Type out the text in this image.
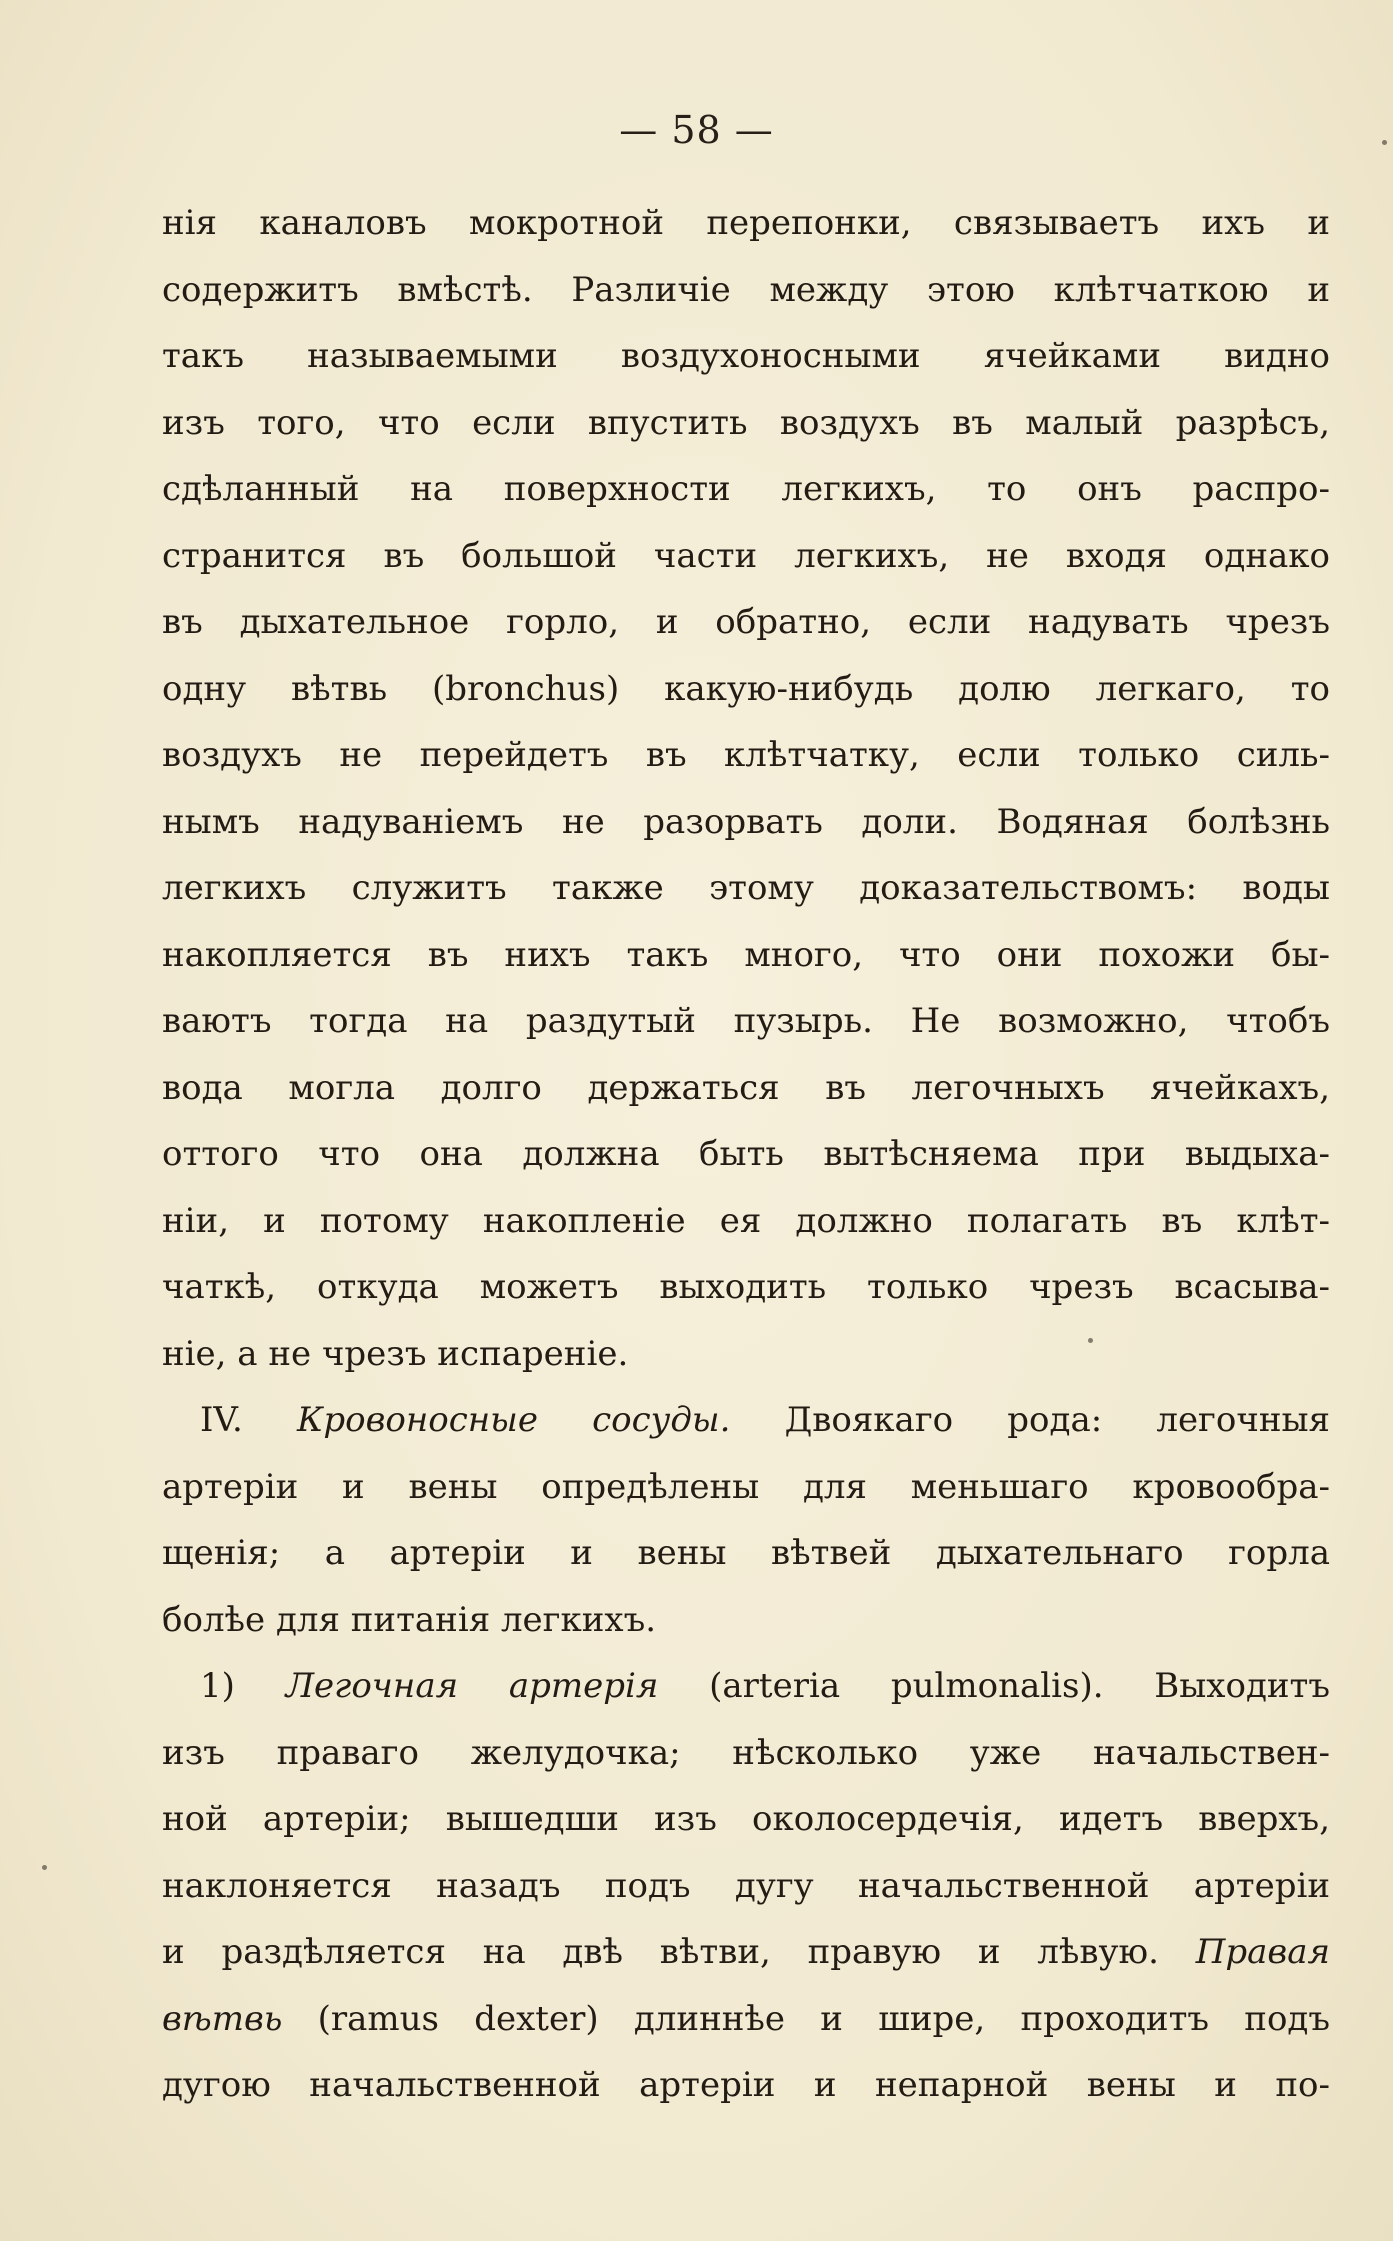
— 58 —
нія каналовъ мокротной перепонки, связываетъ ихъ и
содержитъ вмѣстѣ. Различіе между этою клѣтчаткою и
такъ называемыми воздухоносными ячейками видно
изъ того, что если впустить воздухъ въ малый разрѣсъ,
сдѣланный на поверхности легкихъ, то онъ распро-
странится въ большой части легкихъ, не входя однако
въ дыхательное горло, и обратно, если надувать чрезъ
одну вѣтвь (bronchus) какую-нибудь долю легкаго, то
воздухъ не перейдетъ въ клѣтчатку, если только силь-
нымъ надуваніемъ не разорвать доли. Водяная болѣзнь
легкихъ служитъ также этому доказательствомъ: воды
накопляется въ нихъ такъ много, что они похожи бы-
ваютъ тогда на раздутый пузырь. Не возможно, чтобъ
вода могла долго держаться въ легочныхъ ячейкахъ,
оттого что она должна быть вытѣсняема при выдыха-
ніи, и потому накопленіе ея должно полагать въ клѣт-
чаткѣ, откуда можетъ выходить только чрезъ всасыва-
ніе, а не чрезъ испареніе.
IV. Кровоносные сосуды. Двоякаго рода: легочныя
артеріи и вены опредѣлены для меньшаго кровообра-
щенія; а артеріи и вены вѣтвей дыхательнаго горла
болѣе для питанія легкихъ.
1) Легочная артерія (arteria pulmonalis). Выходитъ
изъ праваго желудочка; нѣсколько уже начальствен-
ной артеріи; вышедши изъ околосердечія, идетъ вверхъ,
наклоняется назадъ подъ дугу начальственной артеріи
и раздѣляется на двѣ вѣтви, правую и лѣвую. Правая
вѣтвь (ramus dexter) длиннѣе и шире, проходитъ подъ
дугою начальственной артеріи и непарной вены и по-
